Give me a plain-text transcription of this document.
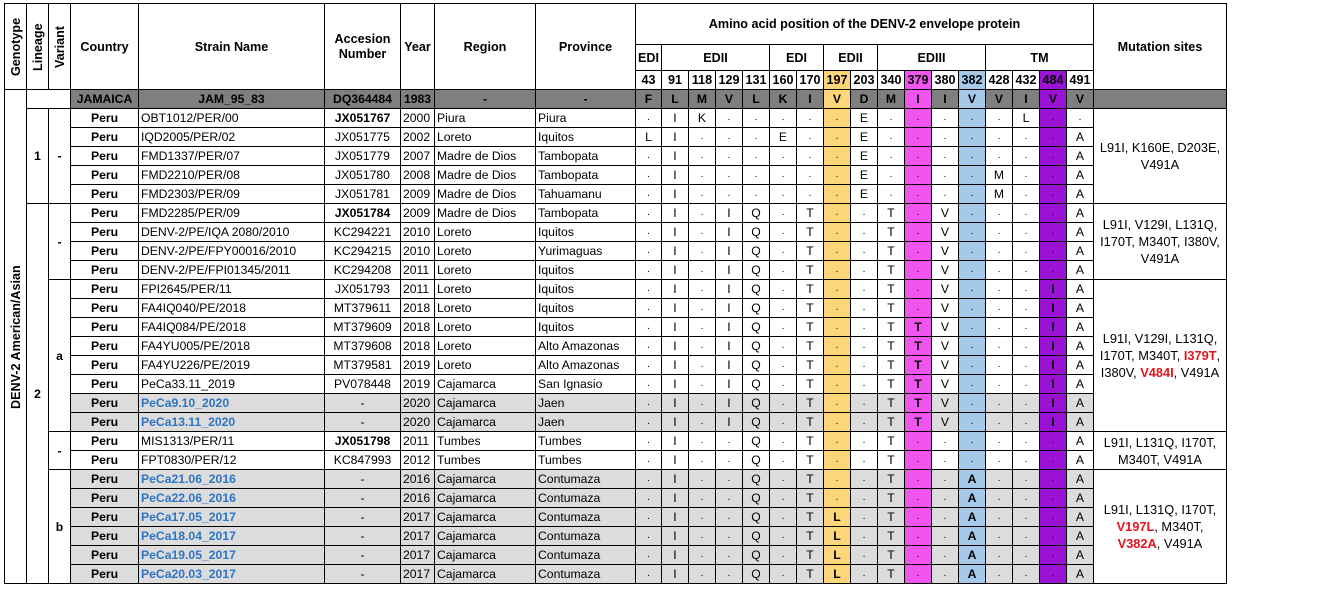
Genotype	Lineage	Variant	Country	Strain Name	Accesion Number	Year	Region	Province	Amino acid position of the DENV-2 envelope protein																	Mutation sites
									EDI	EDII				EDI		EDII		EDIII				TM				
									43	91	118	129	131	160	170	197	203	340	379	380	382	428	432	484	491	
DENV-2 American/Asian			JAMAICA	JAM_95_83	DQ364484	1983	-	-	F	L	M	V	L	K	I	V	D	M	I	I	V	V	I	V	V	
	1	-	Peru	OBT1012/PER/00	JX051767	2000	Piura	Piura	.	I	K	.	.	.	.	.	E	.	.	.	.	.	L	.	.	L91I, K160E, D203E, V491A
			Peru	IQD2005/PER/02	JX051775	2002	Loreto	Iquitos	L	I	.	.	.	E	.	.	E	.	.	.	.	.	.	.	A	
			Peru	FMD1337/PER/07	JX051779	2007	Madre de Dios	Tambopata	.	I	.	.	.	.	.	.	E	.	.	.	.	.	.	.	A	
			Peru	FMD2210/PER/08	JX051780	2008	Madre de Dios	Tambopata	.	I	.	.	.	.	.	.	E	.	.	.	.	M	.	.	A	
			Peru	FMD2303/PER/09	JX051781	2009	Madre de Dios	Tahuamanu	.	I	.	.	.	.	.	.	E	.	.	.	.	M	.	.	A	
	2	-	Peru	FMD2285/PER/09	JX051784	2009	Madre de Dios	Tambopata	.	I	.	I	Q	.	T	.	.	T	.	V	.	.	.	.	A	L91I, V129I, L131Q, I170T, M340T, I380V, V491A
			Peru	DENV-2/PE/IQA 2080/2010	KC294221	2010	Loreto	Iquitos	.	I	.	I	Q	.	T	.	.	T	.	V	.	.	.	.	A	
			Peru	DENV-2/PE/FPY00016/2010	KC294215	2010	Loreto	Yurimaguas	.	I	.	I	Q	.	T	.	.	T	.	V	.	.	.	.	A	
			Peru	DENV-2/PE/FPI01345/2011	KC294208	2011	Loreto	Iquitos	.	I	.	I	Q	.	T	.	.	T	.	V	.	.	.	.	A	
		a	Peru	FPI2645/PER/11	JX051793	2011	Loreto	Iquitos	.	I	.	I	Q	.	T	.	.	T	.	V	.	.	.	I	A	L91I, V129I, L131Q, I170T, M340T, I379T, I380V, V484I, V491A
			Peru	FA4IQ040/PE/2018	MT379611	2018	Loreto	Iquitos	.	I	.	I	Q	.	T	.	.	T	.	V	.	.	.	I	A	
			Peru	FA4IQ084/PE/2018	MT379609	2018	Loreto	Iquitos	.	I	.	I	Q	.	T	.	.	T	T	V	.	.	.	I	A	
			Peru	FA4YU005/PE/2018	MT379608	2018	Loreto	Alto Amazonas	.	I	.	I	Q	.	T	.	.	T	T	V	.	.	.	I	A	
			Peru	FA4YU226/PE/2019	MT379581	2019	Loreto	Alto Amazonas	.	I	.	I	Q	.	T	.	.	T	T	V	.	.	.	I	A	
			Peru	PeCa33.11_2019	PV078448	2019	Cajamarca	San Ignasio	.	I	.	I	Q	.	T	.	.	T	T	V	.	.	.	I	A	
			Peru	PeCa9.10_2020	-	2020	Cajamarca	Jaen	.	I	.	I	Q	.	T	.	.	T	T	V	.	.	.	I	A	
			Peru	PeCa13.11_2020	-	2020	Cajamarca	Jaen	.	I	.	I	Q	.	T	.	.	T	T	V	.	.	.	I	A	
		-	Peru	MIS1313/PER/11	JX051798	2011	Tumbes	Tumbes	.	I	.	.	Q	.	T	.	.	T	.	.	.	.	.	.	A	L91I, L131Q, I170T, M340T, V491A
			Peru	FPT0830/PER/12	KC847993	2012	Tumbes	Tumbes	.	I	.	.	Q	.	T	.	.	T	.	.	.	.	.	.	A	
		b	Peru	PeCa21.06_2016	-	2016	Cajamarca	Contumaza	.	I	.	.	Q	.	T	.	.	T	.	.	A	.	.	.	A	L91I, L131Q, I170T, V197L, M340T, V382A, V491A
			Peru	PeCa22.06_2016	-	2016	Cajamarca	Contumaza	.	I	.	.	Q	.	T	.	.	T	.	.	A	.	.	.	A	
			Peru	PeCa17.05_2017	-	2017	Cajamarca	Contumaza	.	I	.	.	Q	.	T	L	.	T	.	.	A	.	.	.	A	
			Peru	PeCa18.04_2017	-	2017	Cajamarca	Contumaza	.	I	.	.	Q	.	T	L	.	T	.	.	A	.	.	.	A	
			Peru	PeCa19.05_2017	-	2017	Cajamarca	Contumaza	.	I	.	.	Q	.	T	L	.	T	.	.	A	.	.	.	A	
			Peru	PeCa20.03_2017	-	2017	Cajamarca	Contumaza	.	I	.	.	Q	.	T	L	.	T	.	.	A	.	.	.	A	
